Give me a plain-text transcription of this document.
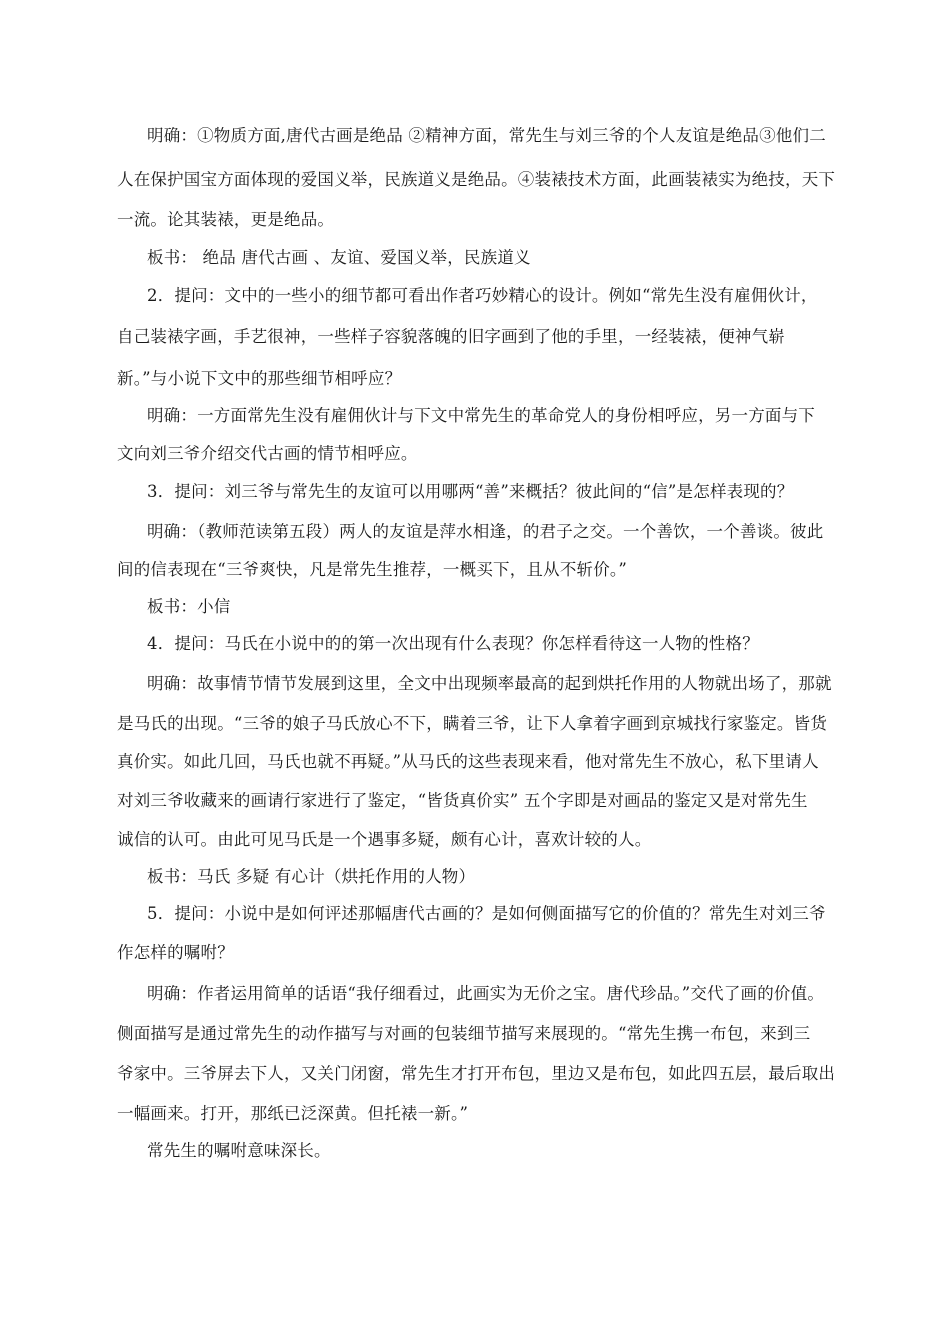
明确：①物质方面,唐代古画是绝品 ②精神方面，常先生与刘三爷的个人友谊是绝品③他们二
人在保护国宝方面体现的爱国义举，民族道义是绝品。④装裱技术方面，此画装裱实为绝技，天下
一流。论其装裱，更是绝品。
板书： 绝品 唐代古画 、友谊、爱国义举，民族道义
2．提问：文中的一些小的细节都可看出作者巧妙精心的设计。例如“常先生没有雇佣伙计，
自己装裱字画，手艺很神，一些样子容貌落魄的旧字画到了他的手里，一经装裱，便神气崭
新。”与小说下文中的那些细节相呼应？
明确：一方面常先生没有雇佣伙计与下文中常先生的革命党人的身份相呼应，另一方面与下
文向刘三爷介绍交代古画的情节相呼应。
3．提问：刘三爷与常先生的友谊可以用哪两“善”来概括？彼此间的“信”是怎样表现的？
明确：（教师范读第五段）两人的友谊是萍水相逢，的君子之交。一个善饮，一个善谈。彼此
间的信表现在“三爷爽快，凡是常先生推荐，一概买下，且从不斩价。”
板书：小信
4．提问：马氏在小说中的的第一次出现有什么表现？你怎样看待这一人物的性格？
明确：故事情节情节发展到这里，全文中出现频率最高的起到烘托作用的人物就出场了，那就
是马氏的出现。“三爷的娘子马氏放心不下，瞒着三爷，让下人拿着字画到京城找行家鉴定。皆货
真价实。如此几回，马氏也就不再疑。”从马氏的这些表现来看，他对常先生不放心，私下里请人
对刘三爷收藏来的画请行家进行了鉴定，“皆货真价实” 五个字即是对画品的鉴定又是对常先生
诚信的认可。由此可见马氏是一个遇事多疑，颇有心计，喜欢计较的人。
板书：马氏 多疑 有心计（烘托作用的人物）
5．提问：小说中是如何评述那幅唐代古画的？是如何侧面描写它的价值的？常先生对刘三爷
作怎样的嘱咐？
明确：作者运用简单的话语“我仔细看过，此画实为无价之宝。唐代珍品。”交代了画的价值。
侧面描写是通过常先生的动作描写与对画的包装细节描写来展现的。“常先生携一布包，来到三
爷家中。三爷屏去下人，又关门闭窗，常先生才打开布包，里边又是布包，如此四五层，最后取出
一幅画来。打开，那纸已泛深黄。但托裱一新。”
常先生的嘱咐意味深长。
